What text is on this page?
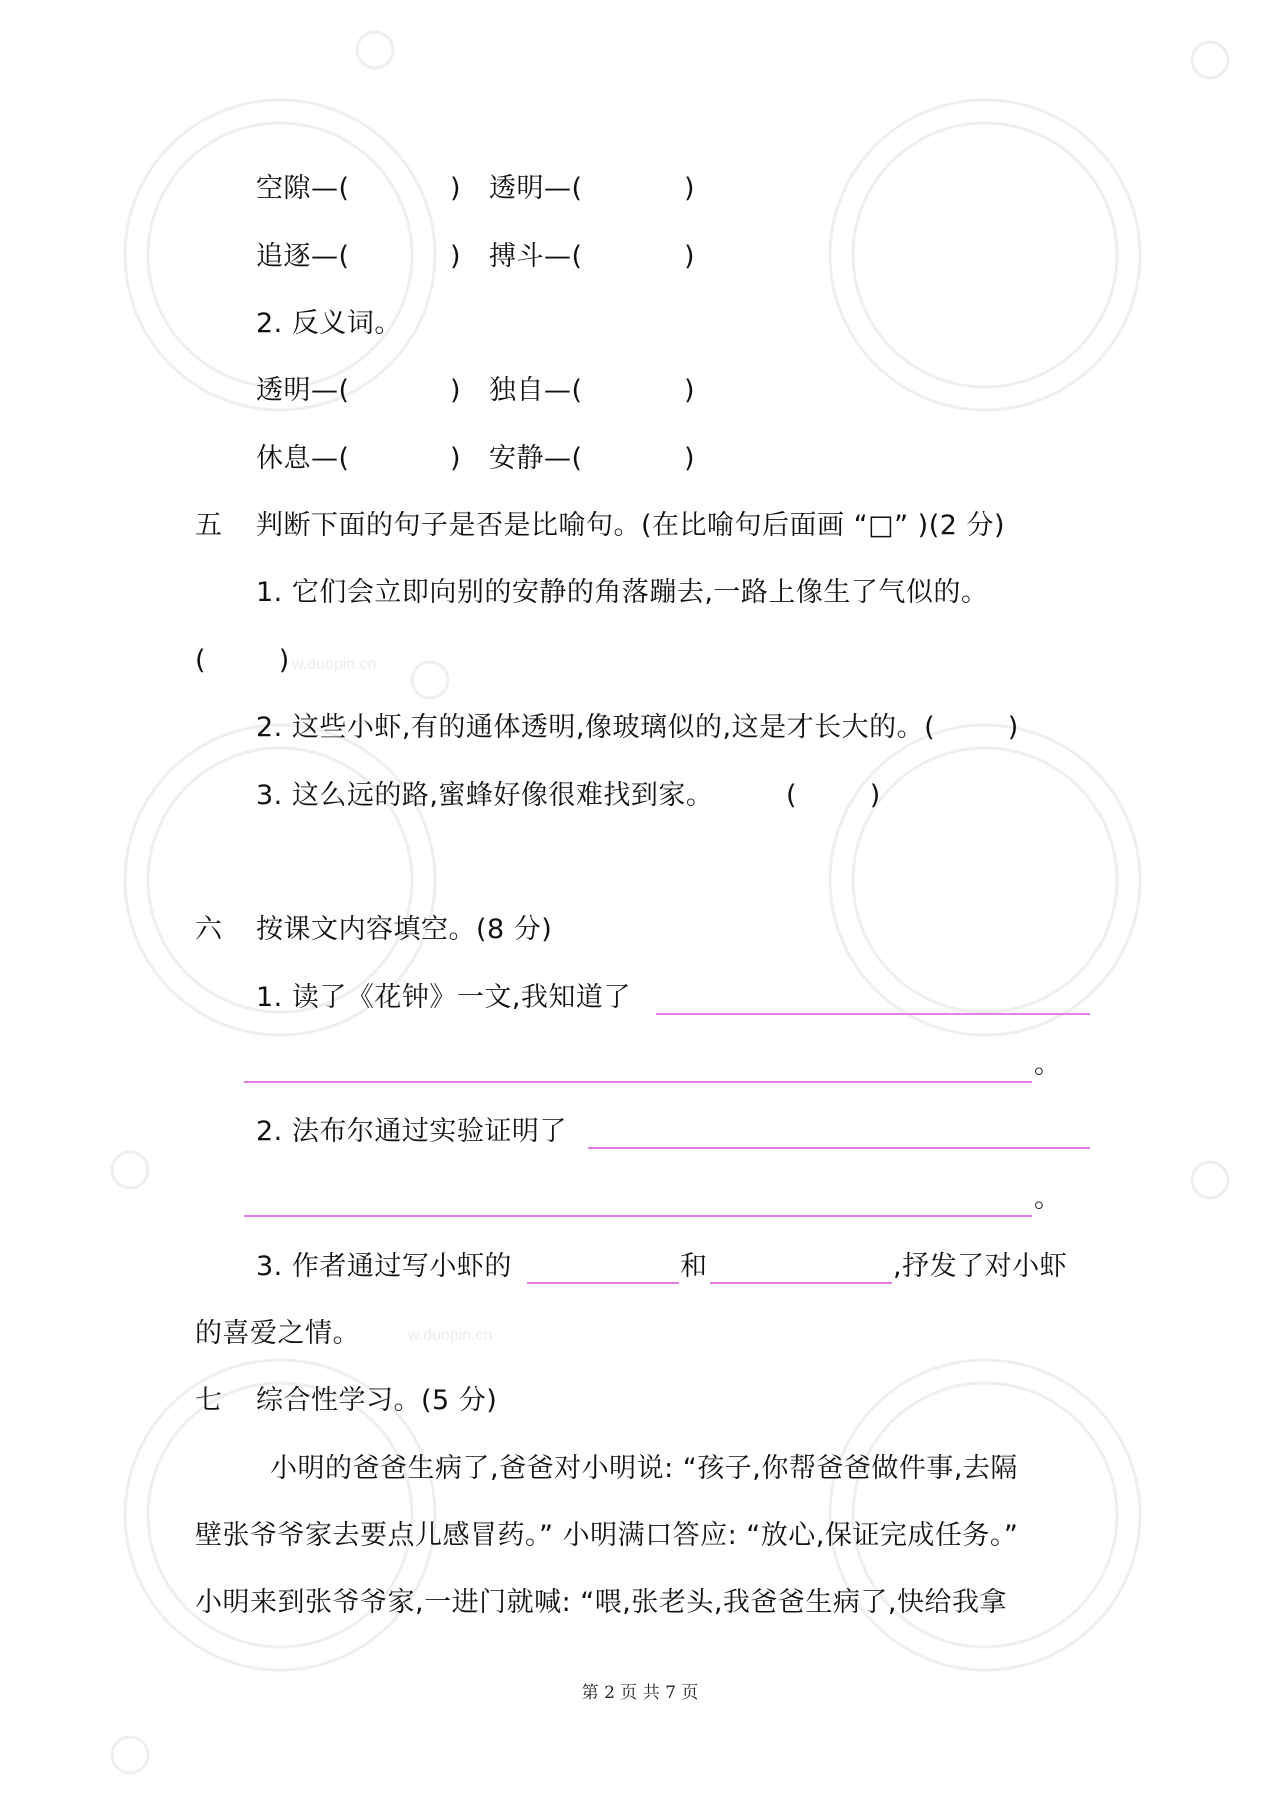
w.duopin.cn
w.duopin.cn
空隙—(	) 透明—(	)
追逐—(	) 搏斗—(	)
2. 反义词。
透明—(	) 独自—(	)
休息—(	) 安静—(	)
五 判断下面的句子是否是比喻句。(在比喻句后面画 “□” )(2 分)
1. 它们会立即向别的安静的角落蹦去,一路上像生了气似的。
(        )
2. 这些小虾,有的通体透明,像玻璃似的,这是才长大的。(        )
3. 这么远的路,蜜蜂好像很难找到家。	(        )
六 按课文内容填空。(8 分)
1. 读了《花钟》一文,我知道了
。
2. 法布尔通过实验证明了
。
3. 作者通过写小虾的	和	,抒发了对小虾
的喜爱之情。
七 综合性学习。(5 分)
小明的爸爸生病了,爸爸对小明说: “孩子,你帮爸爸做件事,去隔
壁张爷爷家去要点儿感冒药。” 小明满口答应: “放心,保证完成任务。”
小明来到张爷爷家,一进门就喊: “喂,张老头,我爸爸生病了,快给我拿
第 2 页 共 7 页
